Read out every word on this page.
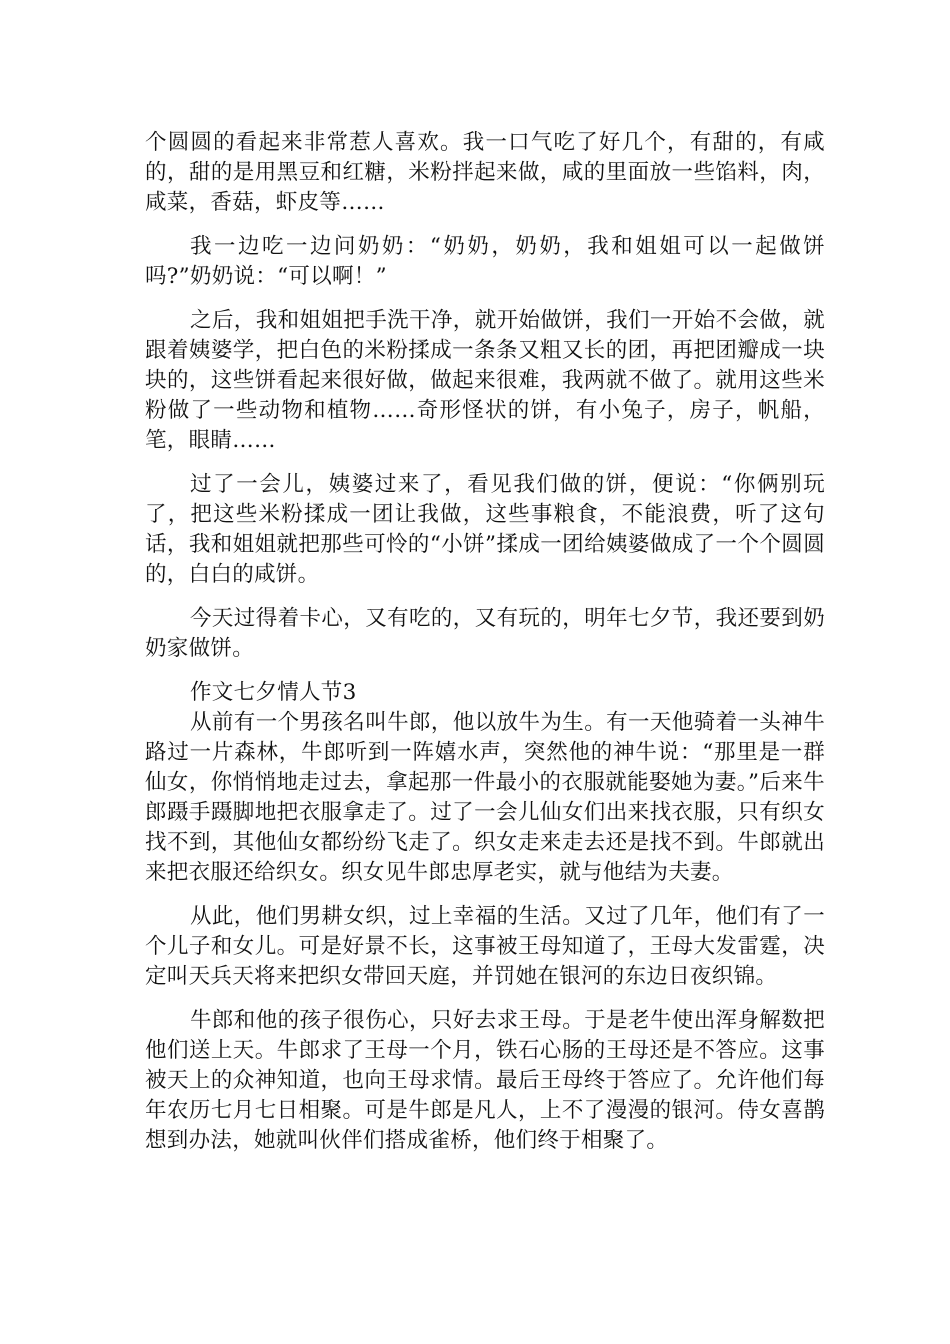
个圆圆的看起来非常惹人喜欢。我一口气吃了好几个，有甜的，有咸的，甜的是用黑豆和红糖，米粉拌起来做，咸的里面放一些馅料，肉，咸菜，香菇，虾皮等……

我一边吃一边问奶奶：“奶奶，奶奶，我和姐姐可以一起做饼吗?”奶奶说：“可以啊！”

之后，我和姐姐把手洗干净，就开始做饼，我们一开始不会做，就跟着姨婆学，把白色的米粉揉成一条条又粗又长的团，再把团瓣成一块块的，这些饼看起来很好做，做起来很难，我两就不做了。就用这些米粉做了一些动物和植物……奇形怪状的饼，有小兔子，房子，帆船，笔，眼睛……

过了一会儿，姨婆过来了，看见我们做的饼，便说：“你俩别玩了，把这些米粉揉成一团让我做，这些事粮食，不能浪费，听了这句话，我和姐姐就把那些可怜的“小饼”揉成一团给姨婆做成了一个个圆圆的，白白的咸饼。

今天过得着卡心，又有吃的，又有玩的，明年七夕节，我还要到奶奶家做饼。

作文七夕情人节3

从前有一个男孩名叫牛郎，他以放牛为生。有一天他骑着一头神牛路过一片森林，牛郎听到一阵嬉水声，突然他的神牛说：“那里是一群仙女，你悄悄地走过去，拿起那一件最小的衣服就能娶她为妻。”后来牛郎蹑手蹑脚地把衣服拿走了。过了一会儿仙女们出来找衣服，只有织女找不到，其他仙女都纷纷飞走了。织女走来走去还是找不到。牛郎就出来把衣服还给织女。织女见牛郎忠厚老实，就与他结为夫妻。

从此，他们男耕女织，过上幸福的生活。又过了几年，他们有了一个儿子和女儿。可是好景不长，这事被王母知道了，王母大发雷霆，决定叫天兵天将来把织女带回天庭，并罚她在银河的东边日夜织锦。

牛郎和他的孩子很伤心，只好去求王母。于是老牛使出浑身解数把他们送上天。牛郎求了王母一个月，铁石心肠的王母还是不答应。这事被天上的众神知道，也向王母求情。最后王母终于答应了。允许他们每年农历七月七日相聚。可是牛郎是凡人，上不了漫漫的银河。侍女喜鹊想到办法，她就叫伙伴们搭成雀桥，他们终于相聚了。
